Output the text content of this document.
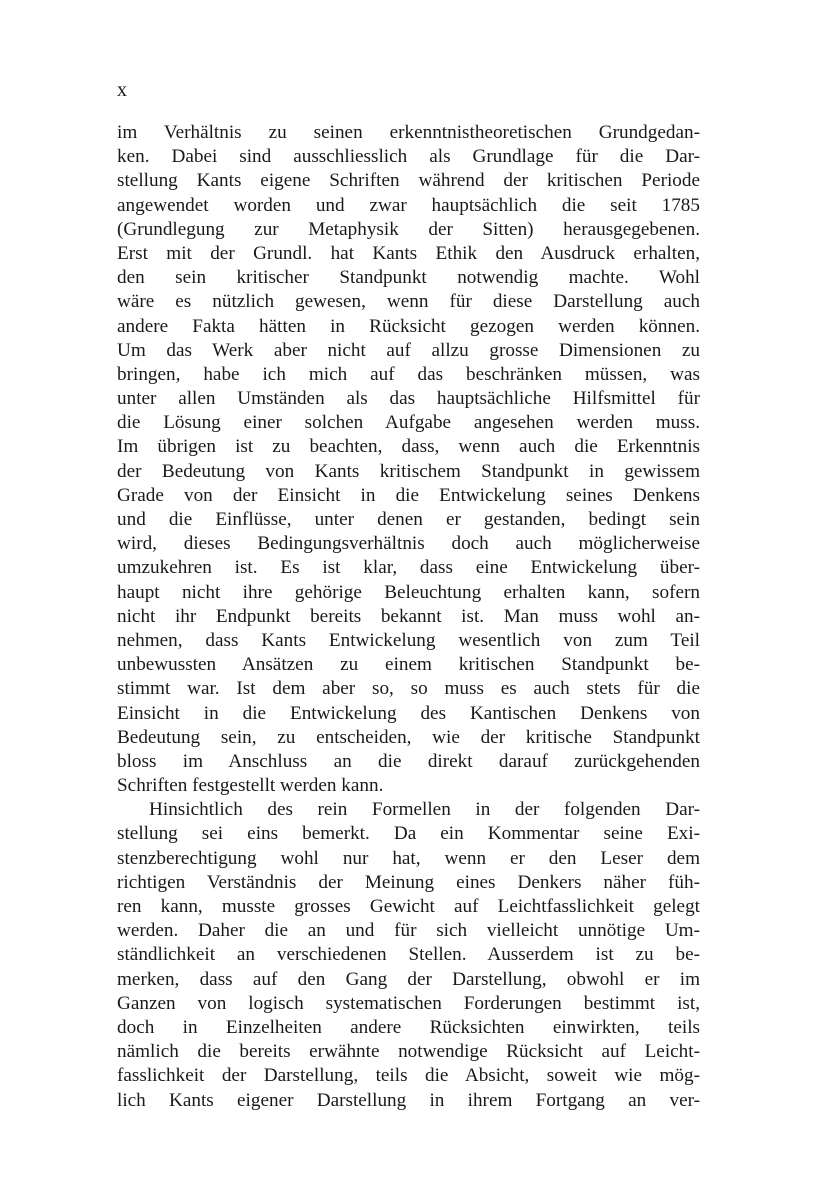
x
im Verhältnis zu seinen erkenntnistheoretischen Grundgedan-
ken. Dabei sind ausschliesslich als Grundlage für die Dar-
stellung Kants eigene Schriften während der kritischen Periode
angewendet worden und zwar hauptsächlich die seit 1785
(Grundlegung zur Metaphysik der Sitten) herausgegebenen.
Erst mit der Grundl. hat Kants Ethik den Ausdruck erhalten,
den sein kritischer Standpunkt notwendig machte. Wohl
wäre es nützlich gewesen, wenn für diese Darstellung auch
andere Fakta hätten in Rücksicht gezogen werden können.
Um das Werk aber nicht auf allzu grosse Dimensionen zu
bringen, habe ich mich auf das beschränken müssen, was
unter allen Umständen als das hauptsächliche Hilfsmittel für
die Lösung einer solchen Aufgabe angesehen werden muss.
Im übrigen ist zu beachten, dass, wenn auch die Erkenntnis
der Bedeutung von Kants kritischem Standpunkt in gewissem
Grade von der Einsicht in die Entwickelung seines Denkens
und die Einflüsse, unter denen er gestanden, bedingt sein
wird, dieses Bedingungsverhältnis doch auch möglicherweise
umzukehren ist. Es ist klar, dass eine Entwickelung über-
haupt nicht ihre gehörige Beleuchtung erhalten kann, sofern
nicht ihr Endpunkt bereits bekannt ist. Man muss wohl an-
nehmen, dass Kants Entwickelung wesentlich von zum Teil
unbewussten Ansätzen zu einem kritischen Standpunkt be-
stimmt war. Ist dem aber so, so muss es auch stets für die
Einsicht in die Entwickelung des Kantischen Denkens von
Bedeutung sein, zu entscheiden, wie der kritische Standpunkt
bloss im Anschluss an die direkt darauf zurückgehenden
Schriften festgestellt werden kann.
Hinsichtlich des rein Formellen in der folgenden Dar-
stellung sei eins bemerkt. Da ein Kommentar seine Exi-
stenzberechtigung wohl nur hat, wenn er den Leser dem
richtigen Verständnis der Meinung eines Denkers näher füh-
ren kann, musste grosses Gewicht auf Leichtfasslichkeit gelegt
werden. Daher die an und für sich vielleicht unnötige Um-
ständlichkeit an verschiedenen Stellen. Ausserdem ist zu be-
merken, dass auf den Gang der Darstellung, obwohl er im
Ganzen von logisch systematischen Forderungen bestimmt ist,
doch in Einzelheiten andere Rücksichten einwirkten, teils
nämlich die bereits erwähnte notwendige Rücksicht auf Leicht-
fasslichkeit der Darstellung, teils die Absicht, soweit wie mög-
lich Kants eigener Darstellung in ihrem Fortgang an ver-
